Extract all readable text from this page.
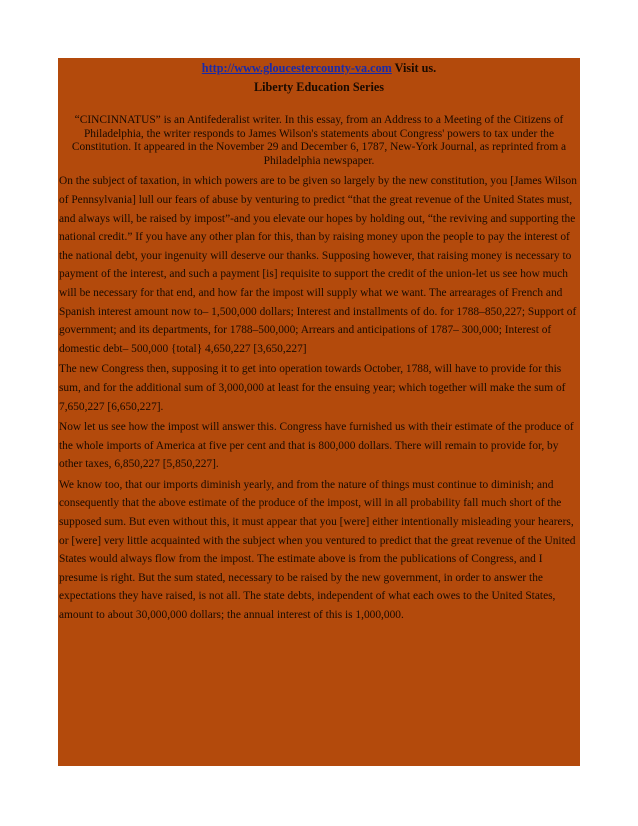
http://www.gloucestercounty-va.com Visit us.

Liberty Education Series

“CINCINNATUS” is an Antifederalist writer. In this essay, from an Address to a Meeting of the Citizens of Philadelphia, the writer responds to James Wilson's statements about Congress' powers to tax under the Constitution. It appeared in the November 29 and December 6, 1787, New-York Journal, as reprinted from a Philadelphia newspaper.

On the subject of taxation, in which powers are to be given so largely by the new constitution, you [James Wilson of Pennsylvania] lull our fears of abuse by venturing to predict “that the great revenue of the United States must, and always will, be raised by impost”-and you elevate our hopes by holding out, “the reviving and supporting the national credit.” If you have any other plan for this, than by raising money upon the people to pay the interest of the national debt, your ingenuity will deserve our thanks. Supposing however, that raising money is necessary to payment of the interest, and such a payment [is] requisite to support the credit of the union-let us see how much will be necessary for that end, and how far the impost will supply what we want. The arrearages of French and Spanish interest amount now to– 1,500,000 dollars; Interest and installments of do. for 1788–850,227; Support of government; and its departments, for 1788–500,000; Arrears and anticipations of 1787– 300,000; Interest of domestic debt– 500,000 {total} 4,650,227 [3,650,227]

The new Congress then, supposing it to get into operation towards October, 1788, will have to provide for this sum, and for the additional sum of 3,000,000 at least for the ensuing year; which together will make the sum of 7,650,227 [6,650,227].

Now let us see how the impost will answer this. Congress have furnished us with their estimate of the produce of the whole imports of America at five per cent and that is 800,000 dollars. There will remain to provide for, by other taxes, 6,850,227 [5,850,227].

We know too, that our imports diminish yearly, and from the nature of things must continue to diminish; and consequently that the above estimate of the produce of the impost, will in all probability fall much short of the supposed sum. But even without this, it must appear that you [were] either intentionally misleading your hearers, or [were] very little acquainted with the subject when you ventured to predict that the great revenue of the United States would always flow from the impost. The estimate above is from the publications of Congress, and I presume is right. But the sum stated, necessary to be raised by the new government, in order to answer the expectations they have raised, is not all. The state debts, independent of what each owes to the United States, amount to about 30,000,000 dollars; the annual interest of this is 1,000,000.
